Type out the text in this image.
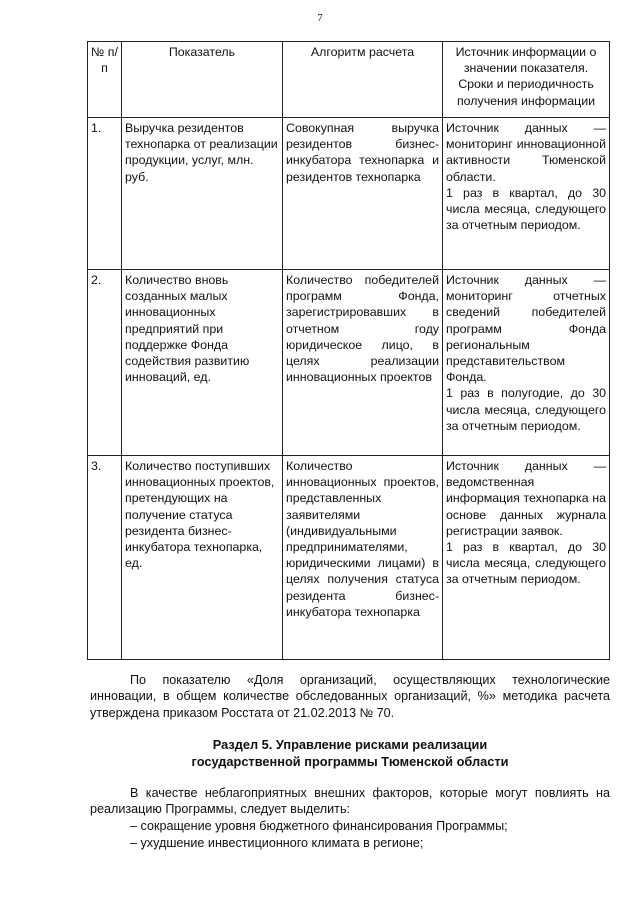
7
№ п/п	Показатель	Алгоритм расчета	Источник информации о значении показателя. Сроки и периодичность получения информации
1.	Выручка резидентов технопарка от реализации продукции, услуг, млн. руб.	Совокупная выручка резидентов бизнес-инкубатора технопарка и резидентов технопарка	Источник данных — мониторинг инновационной активности Тюменской области.
1 раз в квартал, до 30 числа месяца, следующего за отчетным периодом.

2.	Количество вновь созданных малых инновационных предприятий при поддержке Фонда содействия развитию инноваций, ед.	Количество победителей программ Фонда, зарегистрировавших в отчетном году юридическое лицо, в целях реализации инновационных проектов	Источник данных — мониторинг отчетных сведений победителей программ Фонда региональным представительством Фонда.
1 раз в полугодие, до 30 числа месяца, следующего за отчетным периодом.

3.	Количество поступивших инновационных проектов, претендующих на получение статуса резидента бизнес-инкубатора технопарка, ед.	Количество инновационных проектов, представленных заявителями (индивидуальными предпринимателями, юридическими лицами) в целях получения статуса резидента бизнес-инкубатора технопарка	Источник данных — ведомственная информация технопарка на основе данных журнала регистрации заявок.
1 раз в квартал, до 30 числа месяца, следующего за отчетным периодом.
По показателю «Доля организаций, осуществляющих технологические инновации, в общем количестве обследованных организаций, %» методика расчета утверждена приказом Росстата от 21.02.2013 № 70.
Раздел 5. Управление рисками реализации
государственной программы Тюменской области
В качестве неблагоприятных внешних факторов, которые могут повлиять на реализацию Программы, следует выделить:
– сокращение уровня бюджетного финансирования Программы;
– ухудшение инвестиционного климата в регионе;
